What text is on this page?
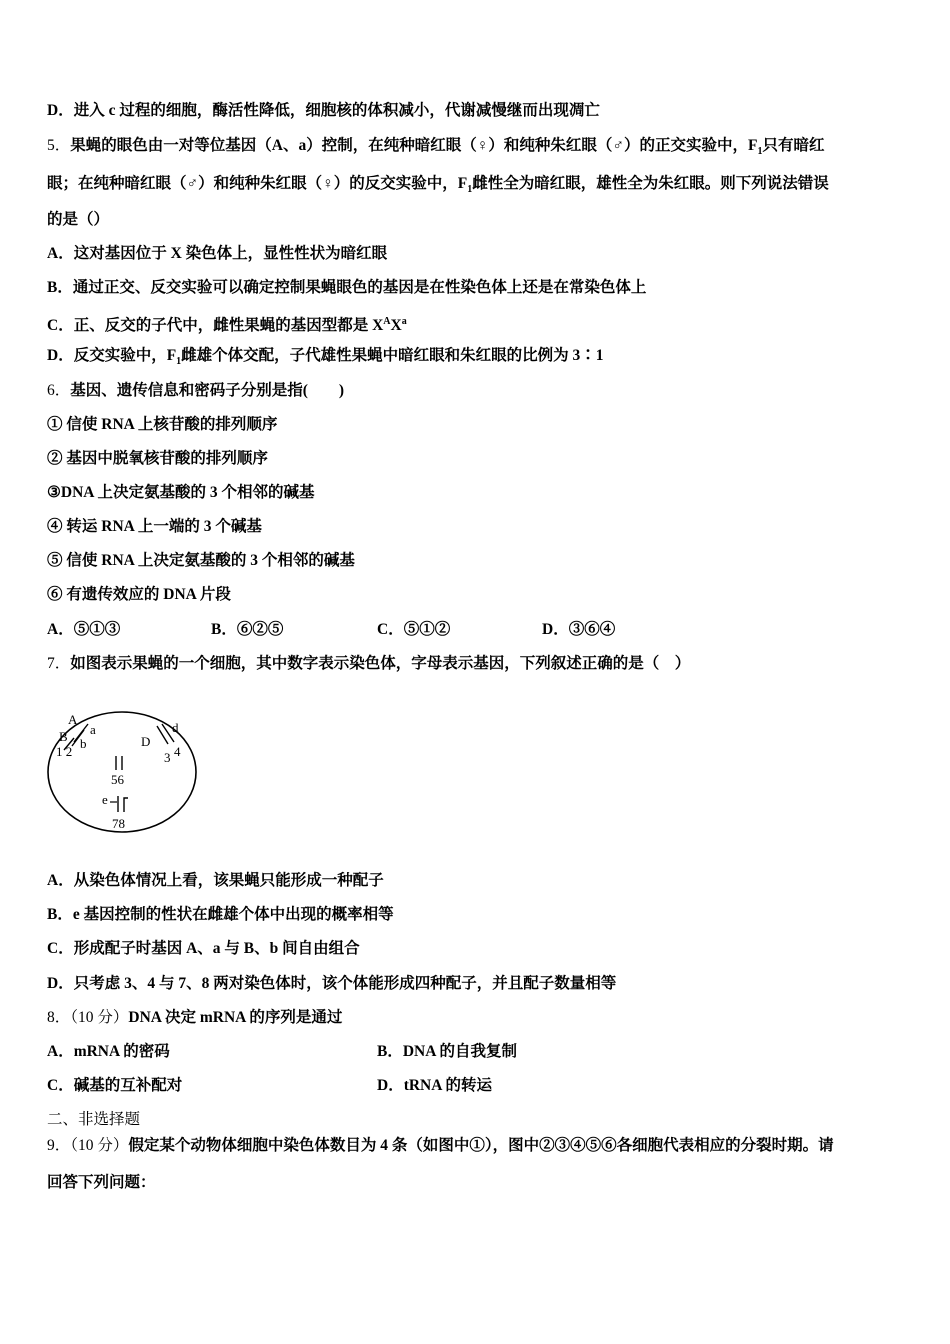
D．进入 c 过程的细胞，酶活性降低，细胞核的体积减小，代谢减慢继而出现凋亡
5．果蝇的眼色由一对等位基因（A、a）控制，在纯种暗红眼（♀）和纯种朱红眼（♂）的正交实验中，$F_1$只有暗红
眼；在纯种暗红眼（♂）和纯种朱红眼（♀）的反交实验中，$F_1$雌性全为暗红眼，雄性全为朱红眼。则下列说法错误
的是（）
A．这对基因位于 X 染色体上，显性性状为暗红眼
B．通过正交、反交实验可以确定控制果蝇眼色的基因是在性染色体上还是在常染色体上
C．正、反交的子代中，雌性果蝇的基因型都是 $X^AX^a$
D．反交实验中，$F_1$雌雄个体交配，子代雄性果蝇中暗红眼和朱红眼的比例为 3∶1
6．基因、遗传信息和密码子分别是指(　　)
① 信使 RNA 上核苷酸的排列顺序
② 基因中脱氧核苷酸的排列顺序
③DNA 上决定氨基酸的 3 个相邻的碱基
④ 转运 RNA 上一端的 3 个碱基
⑤ 信使 RNA 上决定氨基酸的 3 个相邻的碱基
⑥ 有遗传效应的 DNA 片段
A．⑤①③	B．⑥②⑤	C．⑤①②	D．③⑥④
7．如图表示果蝇的一个细胞，其中数字表示染色体，字母表示基因，下列叙述正确的是（　）
A
B a
b
1 2
D
d
3 4
56
e
78
A．从染色体情况上看，该果蝇只能形成一种配子
B．e 基因控制的性状在雌雄个体中出现的概率相等
C．形成配子时基因 A、a 与 B、b 间自由组合
D．只考虑 3、4 与 7、8 两对染色体时，该个体能形成四种配子，并且配子数量相等
8．（10 分）DNA 决定 mRNA 的序列是通过
A．mRNA 的密码	B．DNA 的自我复制
C．碱基的互补配对	D．tRNA 的转运
二、非选择题
9．（10 分）假定某个动物体细胞中染色体数目为 4 条（如图中①），图中②③④⑤⑥各细胞代表相应的分裂时期。请
回答下列问题：
